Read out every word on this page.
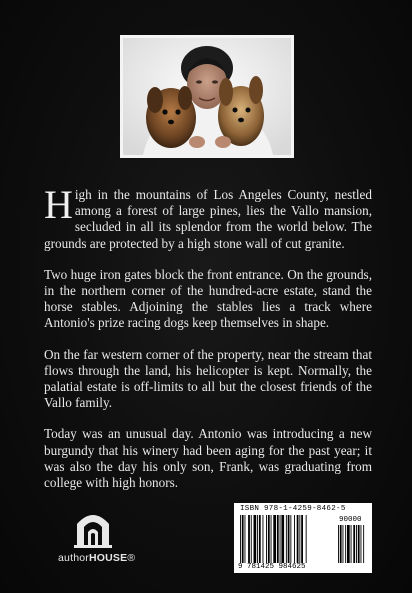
High in the mountains of Los Angeles County, nestled among a forest of large pines, lies the Vallo mansion, secluded in all its splendor from the world below. The grounds are protected by a high stone wall of cut granite.

Two huge iron gates block the front entrance. On the grounds, in the northern corner of the hundred-acre estate, stand the horse stables. Adjoining the stables lies a track where Antonio's prize racing dogs keep themselves in shape.

On the far western corner of the property, near the stream that flows through the land, his helicopter is kept. Normally, the palatial estate is off-limits to all but the closest friends of the Vallo family.

Today was an unusual day. Antonio was introducing a new burgundy that his winery had been aging for the past year; it was also the day his only son, Frank, was graduating from college with high honors.

authorHOUSE®
ISBN 978-1-4259-8462-5
90000
9 781425 984625
